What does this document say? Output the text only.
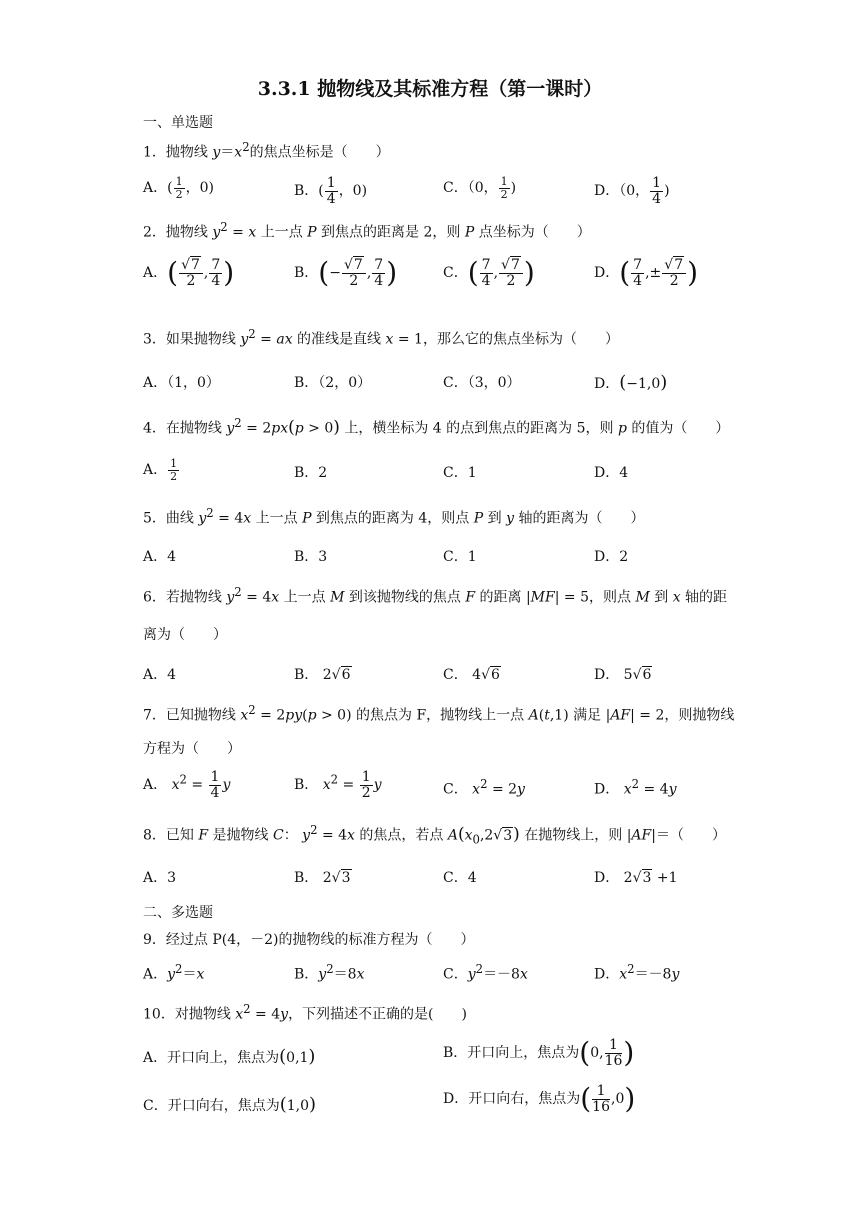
3.3.1 抛物线及其标准方程（第一课时）
一、单选题
1．抛物线 $y=x^2$的焦点坐标是（　　）
A．( $\frac{1}{2}$ ，0)	B．( $\frac{1}{4}$ ，0)	C．（0， $\frac{1}{2}$ )	D．（0， $\frac{1}{4}$ )
2．抛物线 $y^2 = x$ 上一点 P 到焦点的距离是 2，则 P 点坐标为（　　）
A．( $\frac{√7}{2}$ , $\frac{7}{4}$ )	B．(− $\frac{√7}{2}$ , $\frac{7}{4}$ )	C．( $\frac{7}{4}$ , $\frac{√7}{2}$ )	D．( $\frac{7}{4}$ ,± $\frac{√7}{2}$ )
3．如果抛物线 $y^2$ = ax 的准线是直线 x = 1，那么它的焦点坐标为（　　）
A．（1，0）	B．（2，0）	C．（3，0）	D．(−1,0)
4．在抛物线 $y^2 = 2px(p > 0)$ 上，横坐标为 4 的点到焦点的距离为 5，则 p 的值为（　　）
A． $\frac{1}{2}$	B．2	C．1	D．4
5．曲线 $y^2 = 4x$ 上一点 P 到焦点的距离为 4，则点 P 到 y 轴的距离为（　　）
A．4	B．3	C．1	D．2
6．若抛物线 $y^2 = 4x$ 上一点 M 到该抛物线的焦点 F 的距离 |MF| = 5，则点 M 到 x 轴的距
离为（　　）
A．4	B． 2√6	C． 4√6	D． 5√6
7．已知抛物线 $x^2 = 2py(p > 0)$ 的焦点为 F，抛物线上一点 A(t,1) 满足 |AF| = 2，则抛物线
方程为（　　）
A． $x^2 = \frac{1}{4}$ y	B． $x^2 = \frac{1}{2}$ y	C． $x^2 = 2y$	D． $x^2 = 4y$
8．已知 F 是抛物线 C： $y^2 = 4x$ 的焦点，若点 $A(x_0,2√3)$ 在抛物线上，则 |AF|＝（　　）
A．3	B． 2√3	C．4	D． 2√3 +1
二、多选题
9．经过点 P(4，－2)的抛物线的标准方程为（　　）
A．$y^2=x$	B．$y^2=8x$	C．$y^2=-8x$	D．$x^2=-8y$
10．对抛物线 $x^2 = 4y$，下列描述不正确的是(　　)
A．开口向上，焦点为(0,1)	B．开口向上，焦点为(0, $\frac{1}{16}$ )
C．开口向右，焦点为(1,0)	D．开口向右，焦点为( $\frac{1}{16} ,0$)
